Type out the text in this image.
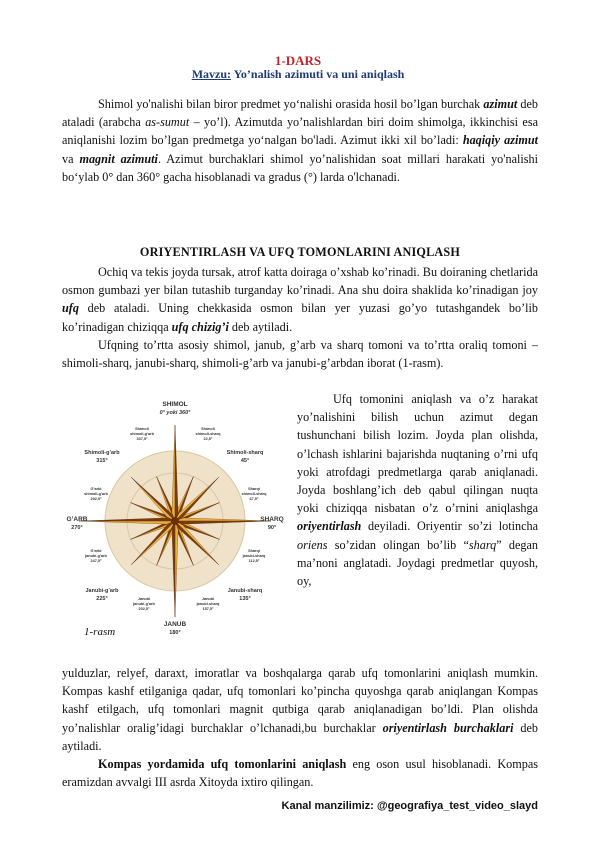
1-DARS
Mavzu: Yo’nalish azimuti va uni aniqlash

Shimol yo'nalishi bilan biror predmet yo‘nalishi orasida hosil bo’lgan burchak azimut deb ataladi (arabcha as-sumut – yo’l). Azimutda yo’nalishlardan biri doim shimolga, ikkinchisi esa aniqlanishi lozim bo’lgan predmetga yo‘nalgan bo'ladi. Azimut ikki xil bo’ladi: haqiqiy azimut va magnit azimuti. Azimut burchaklari shimol yo’nalishidan soat millari harakati yo'nalishi bo‘ylab 0° dan 360° gacha hisoblanadi va gradus (°) larda o'lchanadi.

ORIYENTIRLASH VA UFQ TOMONLARINI ANIQLASH

Ochiq va tekis joyda tursak, atrof katta doiraga o’xshab ko’rinadi. Bu doiraning chetlarida osmon gumbazi yer bilan tutashib turganday ko’rinadi. Ana shu doira shaklida ko’rinadigan joy ufq deb ataladi. Uning chekkasida osmon bilan yer yuzasi go’yo tutashgandek bo’lib ko’rinadigan chiziqqa ufq chizig’i deb aytiladi.

Ufqning to’rtta asosiy shimol, janub, g’arb va sharq tomoni va to’rtta oraliq tomoni – shimoli-sharq, janubi-sharq, shimoli-g’arb va janubi-g’arbdan iborat (1-rasm).

SHIMOL
0° yoki 360°
JANUB
180°
SHARQ
90°
G’ARB
270°
Shimoli-sharq
45°
Shimoli-g’arb
315°
Janubi-sharq
135°
Janubi-g’arb
225°
Shimoli
shimoli-g’arb
337,5°
Shimoli
shimoli-sharq
22,5°
Sharqi
shimoli-sharq
67,5°
G’arbi
shimoli-g’arb
292,5°
Sharqi
janubi-sharq
112,5°
G’arbi
janubi-g’arb
247,5°
Janubi
janubi-g’arb
202,5°
Janubi
janubi-sharq
157,5°
1-rasm

Ufq tomonini aniqlash va o’z harakat yo’nalishini bilish uchun azimut degan tushunchani bilish lozim. Joyda plan olishda, o’lchash ishlarini bajarishda nuqtaning o’rni ufq yoki atrofdagi predmetlarga qarab aniqlanadi. Joyda boshlang’ich deb qabul qilingan nuqta yoki chiziqqa nisbatan o’z o’rnini aniqlashga oriyentirlash deyiladi. Oriyentir so’zi lotincha oriens so’zidan olingan bo’lib “sharq” degan ma’noni anglatadi. Joydagi predmetlar quyosh, oy,

yulduzlar, relyef, daraxt, imoratlar va boshqalarga qarab ufq tomonlarini aniqlash mumkin. Kompas kashf etilganiga qadar, ufq tomonlari ko’pincha quyoshga qarab aniqlangan Kompas kashf etilgach, ufq tomonlari magnit qutbiga qarab aniqlanadigan bo’ldi. Plan olishda yo’nalishlar oralig’idagi burchaklar o’lchanadi,bu burchaklar oriyentirlash burchaklari deb aytiladi.

Kompas yordamida ufq tomonlarini aniqlash eng oson usul hisoblanadi. Kompas eramizdan avvalgi III asrda Xitoyda ixtiro qilingan.

Kanal manzilimiz: @geografiya_test_video_slayd
